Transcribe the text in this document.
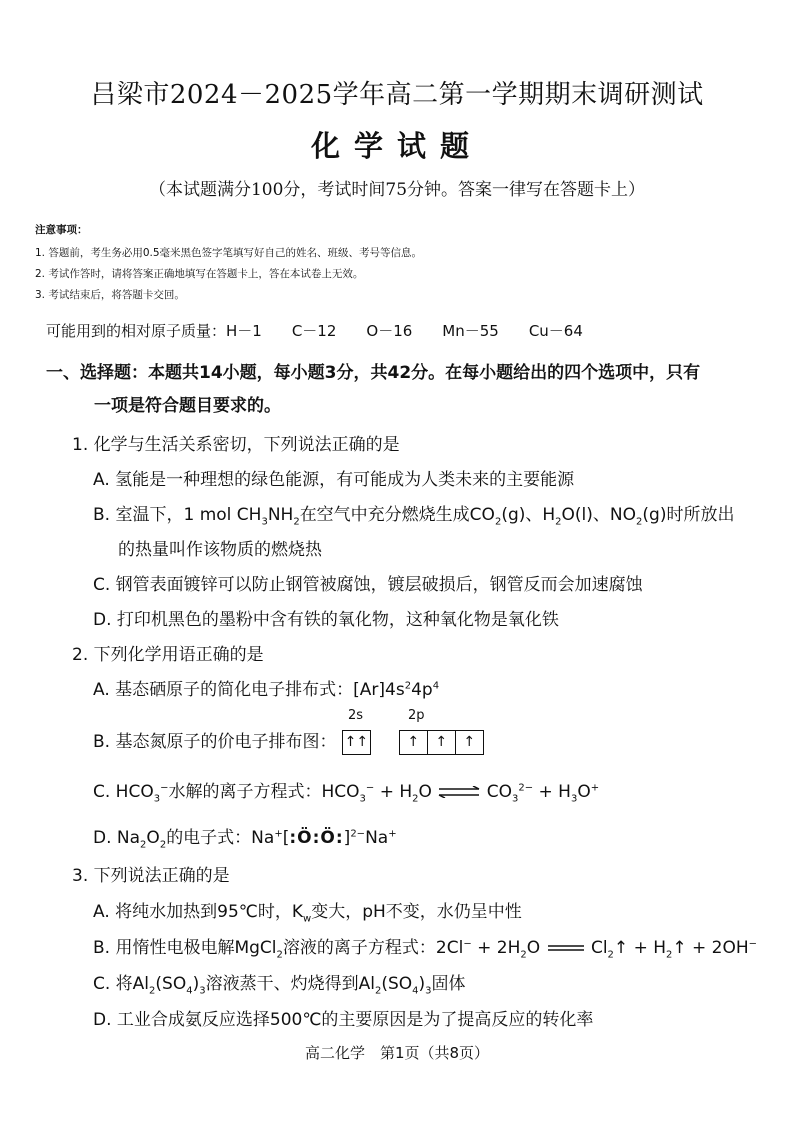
吕梁市2024－2025学年高二第一学期期末调研测试
化学试题
（本试题满分100分，考试时间75分钟。答案一律写在答题卡上）
注意事项：
1. 答题前，考生务必用0.5毫米黑色签字笔填写好自己的姓名、班级、考号等信息。
2. 考试作答时，请将答案正确地填写在答题卡上，答在本试卷上无效。
3. 考试结束后，将答题卡交回。
可能用到的相对原子质量：H－1　　C－12　　O－16　　Mn－55　　Cu－64
一、选择题：本题共14小题，每小题3分，共42分。在每小题给出的四个选项中，只有
一项是符合题目要求的。
1. 化学与生活关系密切，下列说法正确的是
A. 氢能是一种理想的绿色能源，有可能成为人类未来的主要能源
B. 室温下，1 mol $CH_3NH_2$在空气中充分燃烧生成$CO_2(g)$、$H_2O(l)$、$NO_2(g)$时所放出
的热量叫作该物质的燃烧热
C. 钢管表面镀锌可以防止钢管被腐蚀，镀层破损后，钢管反而会加速腐蚀
D. 打印机黑色的墨粉中含有铁的氧化物，这种氧化物是氧化铁
2. 下列化学用语正确的是
A. 基态硒原子的简化电子排布式：$[Ar]4s^24p^4$
2s	2p
B. 基态氮原子的价电子排布图： ↑↑	↑ ↑ ↑
C. $HCO_3^-$水解的离子方程式：$HCO_3^- + H_2O$ ⇌ $CO_3^{2-} + H_3O^+$
D. $Na_2O_2$的电子式：Na+[:Ö:Ö:]$^{2-}$Na+
3. 下列说法正确的是
A. 将纯水加热到95℃时，$K_w$变大，pH不变，水仍呈中性
B. 用惰性电极电解MgCl$_2$溶液的离子方程式：$2Cl^- + 2H_2O$	$Cl_2↑$ + $H_2↑ + 2OH^-$
C. 将$Al_2(SO_4)_3$溶液蒸干、灼烧得到$Al_2(SO_4)_3$固体
D. 工业合成氨反应选择500℃的主要原因是为了提高反应的转化率
高二化学　第1页（共8页）
